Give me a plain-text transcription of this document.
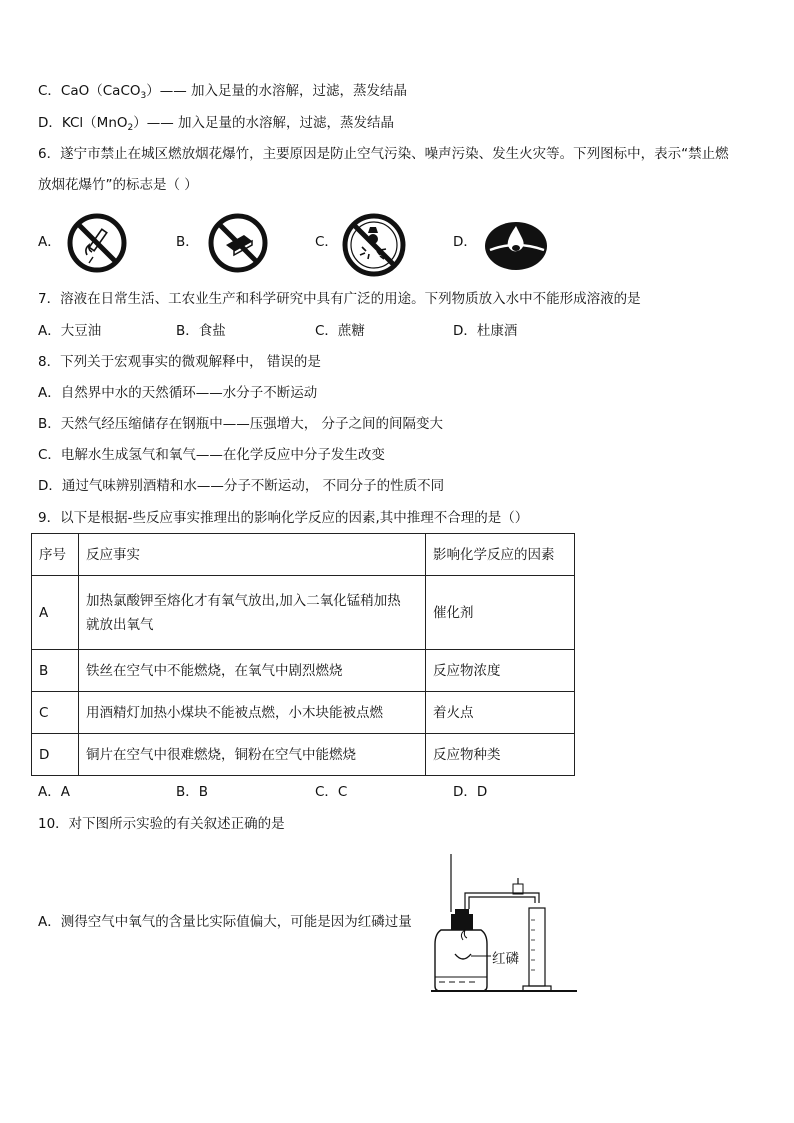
C．CaO（CaCO$_3$）—— 加入足量的水溶解，过滤，蒸发结晶
D．KCl（MnO$_2$）—— 加入足量的水溶解，过滤，蒸发结晶
6．遂宁市禁止在城区燃放烟花爆竹，主要原因是防止空气污染、噪声污染、发生火灾等。下列图标中，表示“禁止燃
放烟花爆竹”的标志是（ ）
A．	B．	C．	D．
7．溶液在日常生活、工农业生产和科学研究中具有广泛的用途。下列物质放入水中不能形成溶液的是
A．大豆油	B．食盐	C．蔗糖	D．杜康酒
8．下列关于宏观事实的微观解释中， 错误的是
A．自然界中水的天然循环——水分子不断运动
B．天然气经压缩储存在钢瓶中——压强增大， 分子之间的间隔变大
C．电解水生成氢气和氧气——在化学反应中分子发生改变
D．通过气味辨别酒精和水——分子不断运动， 不同分子的性质不同
9．以下是根据-些反应事实推理出的影响化学反应的因素,其中推理不合理的是（）
序号	反应事实	影响化学反应的因素
A	加热氯酸钾至熔化才有氧气放出,加入二氧化锰稍加热
就放出氧气	催化剂
B	铁丝在空气中不能燃烧，在氧气中剧烈燃烧	反应物浓度
C	用酒精灯加热小煤块不能被点燃，小木块能被点燃	着火点
D	铜片在空气中很难燃烧，铜粉在空气中能燃烧	反应物种类
A．A	B．B	C．C	D．D
10．对下图所示实验的有关叙述正确的是
A．测得空气中氧气的含量比实际值偏大，可能是因为红磷过量
红磷
